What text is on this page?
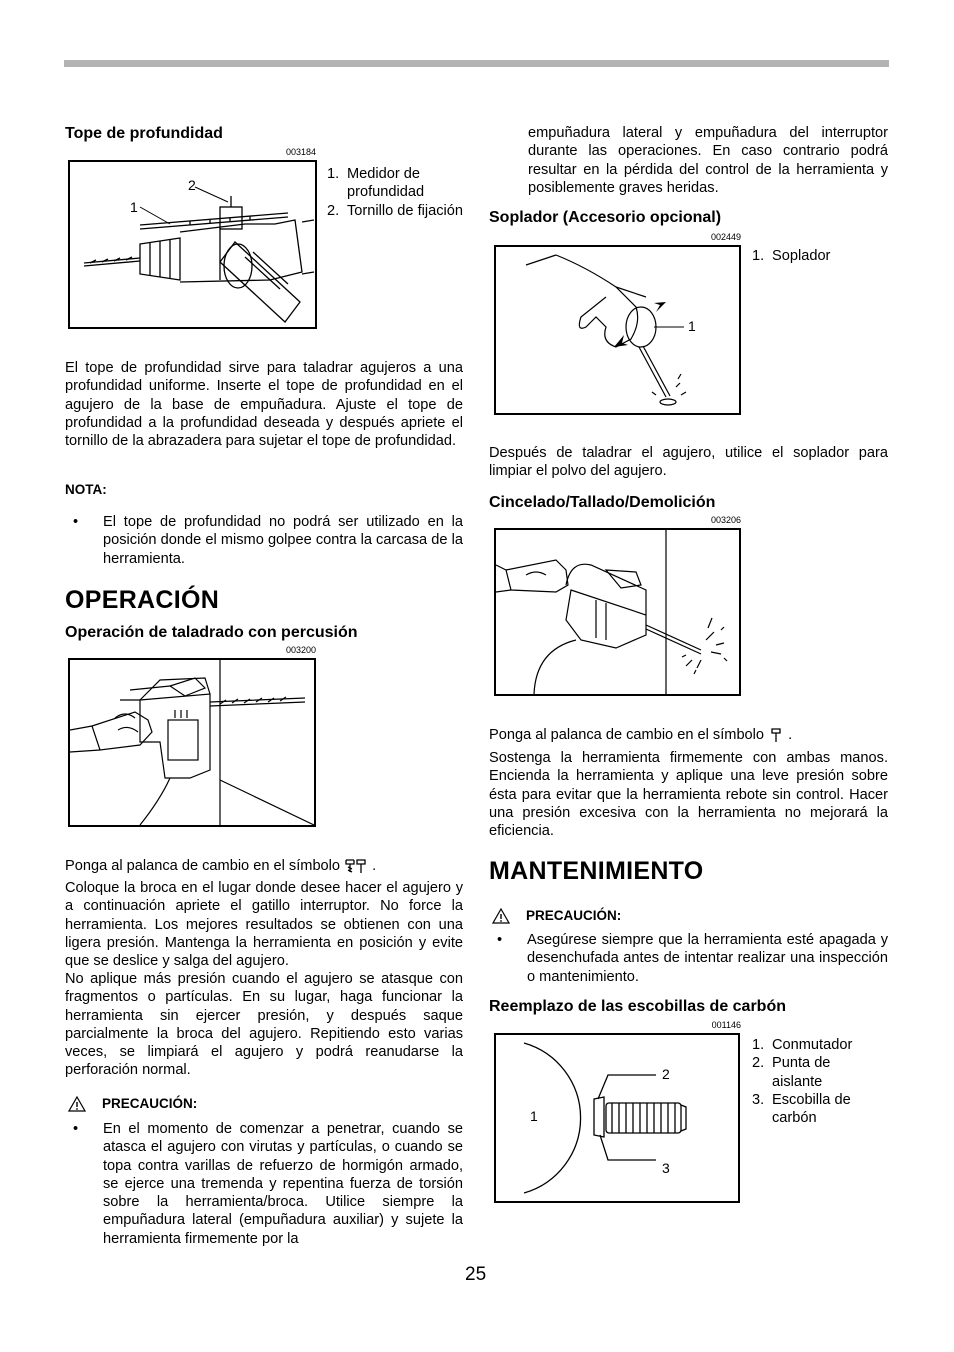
Tope de profundidad
003184
1
2
1. Medidor de profundidad
2. Tornillo de fijación
El tope de profundidad sirve para taladrar agujeros a una profundidad uniforme. Inserte el tope de profundidad en el agujero de la base de empuñadura. Ajuste el tope de profundidad a la profundidad deseada y después apriete el tornillo de la abrazadera para sujetar el tope de profundidad.
NOTA:
•	El tope de profundidad no podrá ser utilizado en la posición donde el mismo golpee contra la carcasa de la herramienta.
OPERACIÓN
Operación de taladrado con percusión
003200
Ponga al palanca de cambio en el símbolo .
Coloque la broca en el lugar donde desee hacer el agujero y a continuación apriete el gatillo interruptor. No force la herramienta. Los mejores resultados se obtienen con una ligera presión. Mantenga la herramienta en posición y evite que se deslice y salga del agujero.
No aplique más presión cuando el agujero se atasque con fragmentos o partículas. En su lugar, haga funcionar la herramienta sin ejercer presión, y después saque parcialmente la broca del agujero. Repitiendo esto varias veces, se limpiará el agujero y podrá reanudarse la perforación normal.
PRECAUCIÓN:
•	En el momento de comenzar a penetrar, cuando se atasca el agujero con virutas y partículas, o cuando se topa contra varillas de refuerzo de hormigón armado, se ejerce una tremenda y repentina fuerza de torsión sobre la herramienta/broca. Utilice siempre la empuñadura lateral (empuñadura auxiliar) y sujete la herramienta firmemente por la
empuñadura lateral y empuñadura del interruptor durante las operaciones. En caso contrario podrá resultar en la pérdida del control de la herramienta y posiblemente graves heridas.
Soplador (Accesorio opcional)
002449
1
1. Soplador
Después de taladrar el agujero, utilice el soplador para limpiar el polvo del agujero.
Cincelado/Tallado/Demolición
003206
Ponga al palanca de cambio en el símbolo .
Sostenga la herramienta firmemente con ambas manos. Encienda la herramienta y aplique una leve presión sobre ésta para evitar que la herramienta rebote sin control. Hacer una presión excesiva con la herramienta no mejorará la eficiencia.
MANTENIMIENTO
PRECAUCIÓN:
•	Asegúrese siempre que la herramienta esté apagada y desenchufada antes de intentar realizar una inspección o mantenimiento.
Reemplazo de las escobillas de carbón
001146
1
2
3
1. Conmutador
2. Punta de aislante
3. Escobilla de carbón
25
